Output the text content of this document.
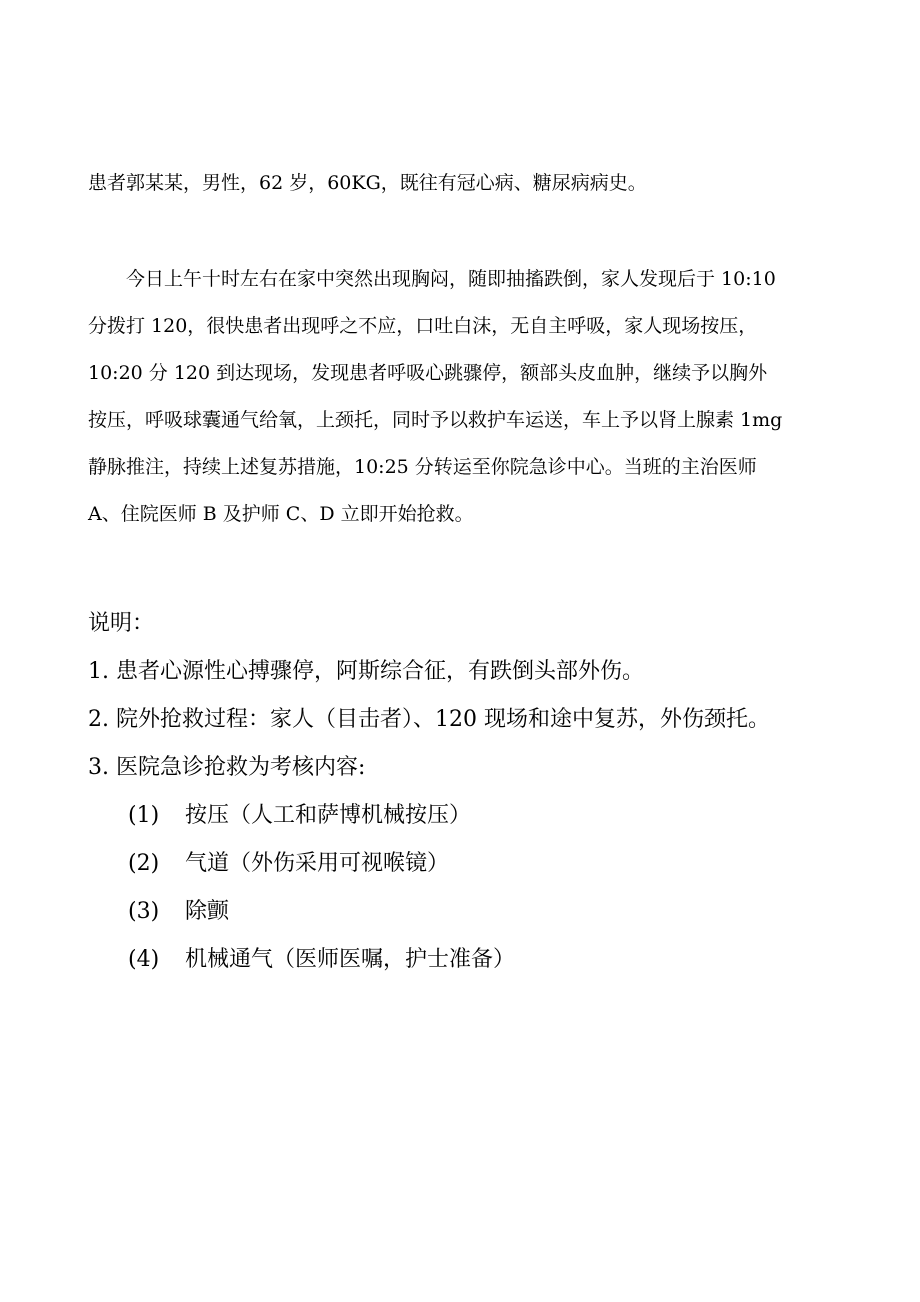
患者郭某某，男性，62 岁，60KG，既往有冠心病、糖尿病病史。
　　今日上午十时左右在家中突然出现胸闷，随即抽搐跌倒，家人发现后于 10:10
分拨打 120，很快患者出现呼之不应，口吐白沫，无自主呼吸，家人现场按压，
10:20 分 120 到达现场，发现患者呼吸心跳骤停，额部头皮血肿，继续予以胸外
按压，呼吸球囊通气给氧，上颈托，同时予以救护车运送，车上予以肾上腺素 1mg
静脉推注，持续上述复苏措施，10:25 分转运至你院急诊中心。当班的主治医师
A、住院医师 B 及护师 C、D 立即开始抢救。
说明：
1. 患者心源性心搏骤停，阿斯综合征，有跌倒头部外伤。
2. 院外抢救过程：家人（目击者）、120 现场和途中复苏，外伤颈托。
3. 医院急诊抢救为考核内容:
(1)	按压（人工和萨博机械按压）
(2)	气道（外伤采用可视喉镜）
(3)	除颤
(4)	机械通气（医师医嘱，护士准备）
